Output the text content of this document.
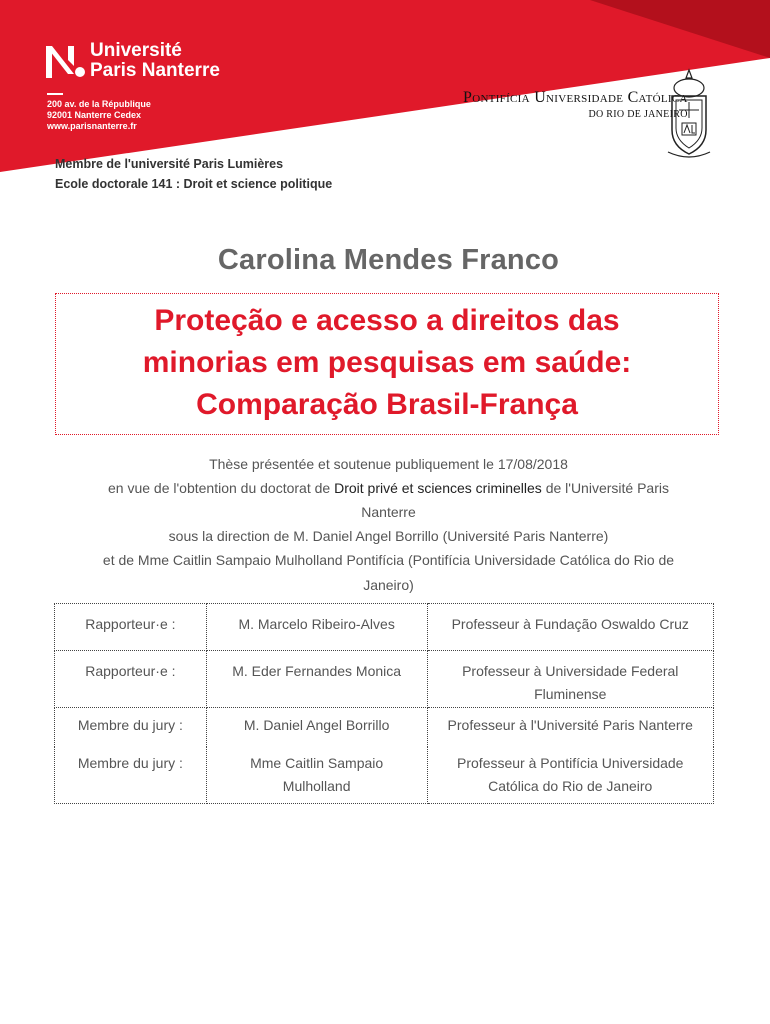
Université
Paris Nanterre
200 av. de la République
92001 Nanterre Cedex
www.parisnanterre.fr
Pontifícia Universidade Católica
DO RIO DE JANEIRO
Membre de l'université Paris Lumières
Ecole doctorale 141 : Droit et science politique
Carolina Mendes Franco
Proteção e acesso a direitos das
minorias em pesquisas em saúde:
Comparação Brasil-França
Thèse présentée et soutenue publiquement le 17/08/2018
en vue de l'obtention du doctorat de Droit privé et sciences criminelles de l'Université Paris
Nanterre
sous la direction de M. Daniel Angel Borrillo (Université Paris Nanterre)
et de Mme Caitlin Sampaio Mulholland Pontifícia (Pontifícia Universidade Católica do Rio de
Janeiro)
Rapporteur·e :	M. Marcelo Ribeiro-Alves	Professeur à Fundação Oswaldo Cruz
Rapporteur·e :	M. Eder Fernandes Monica	Professeur à Universidade Federal Fluminense
Membre du jury :	M. Daniel Angel Borrillo	Professeur à l'Université Paris Nanterre
Membre du jury :	Mme Caitlin Sampaio Mulholland	Professeur à Pontifícia Universidade Católica do Rio de Janeiro
